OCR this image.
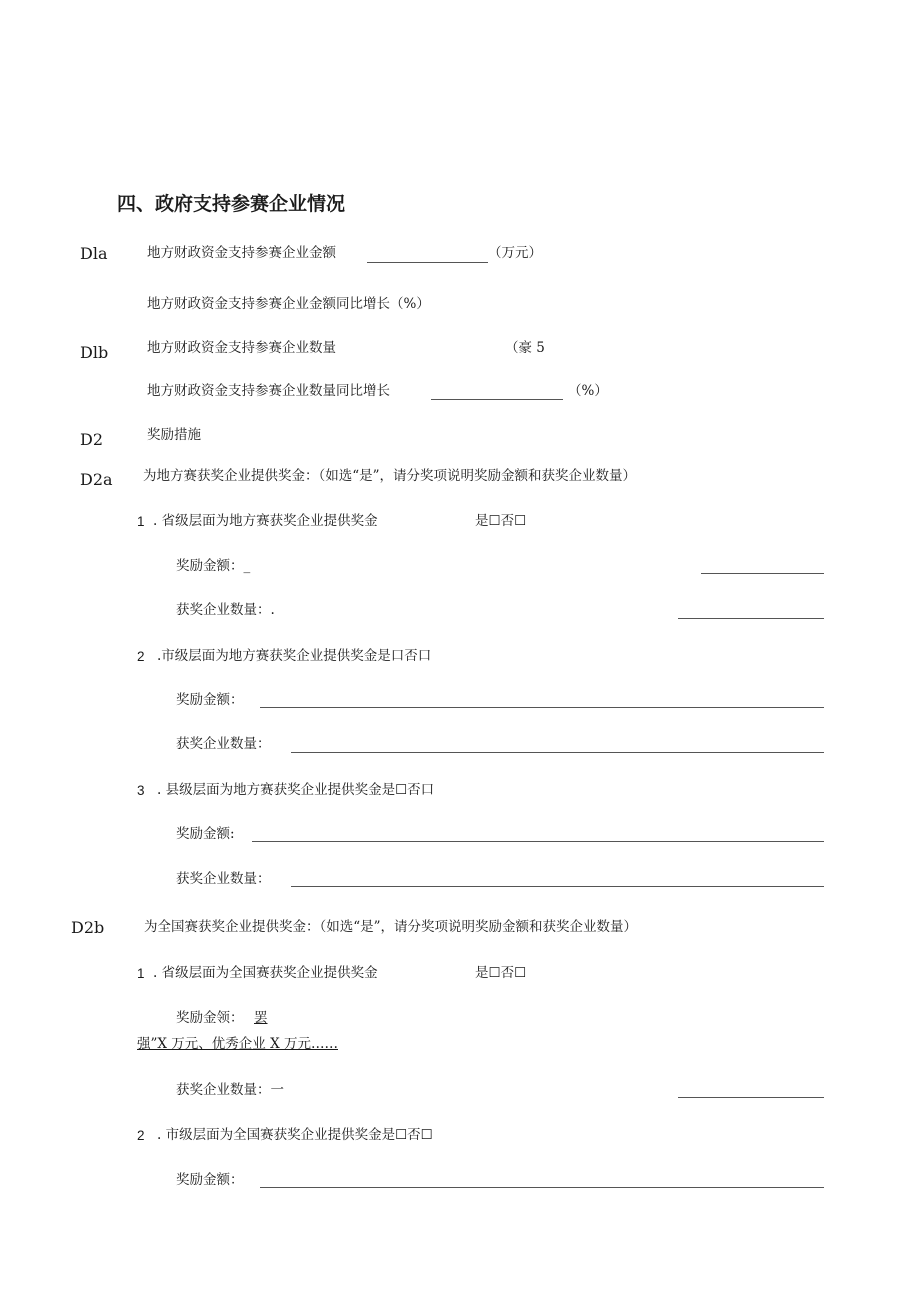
四、政府支持参赛企业情况
Dla	地方财政资金支持参赛企业金额	（万元）
地方财政资金支持参赛企业金额同比增长（%）
Dlb	地方财政资金支持参赛企业数量	（豪 5
地方财政资金支持参赛企业数量同比增长	（%）
D2	奖励措施
D2a 为地方赛获奖企业提供奖金：（如选“是”，请分奖项说明奖励金额和获奖企业数量）
1 . 省级层面为地方赛获奖企业提供奖金	是☐否☐
奖励金额：_
获奖企业数量：.
2 .市级层面为地方赛获奖企业提供奖金是口否口
奖励金额：
获奖企业数量：
3 . 县级层面为地方赛获奖企业提供奖金是☐否口
奖励金额:
获奖企业数量：
D2b	为全国赛获奖企业提供奖金：（如选“是”，请分奖项说明奖励金额和获奖企业数量）
1 . 省级层面为全国赛获奖企业提供奖金	是☐否☐
奖励金领： 罢
强”X 万元、优秀企业 X 万元……
获奖企业数量：一
2 . 市级层面为全国赛获奖企业提供奖金是☐否☐
奖励金额：
